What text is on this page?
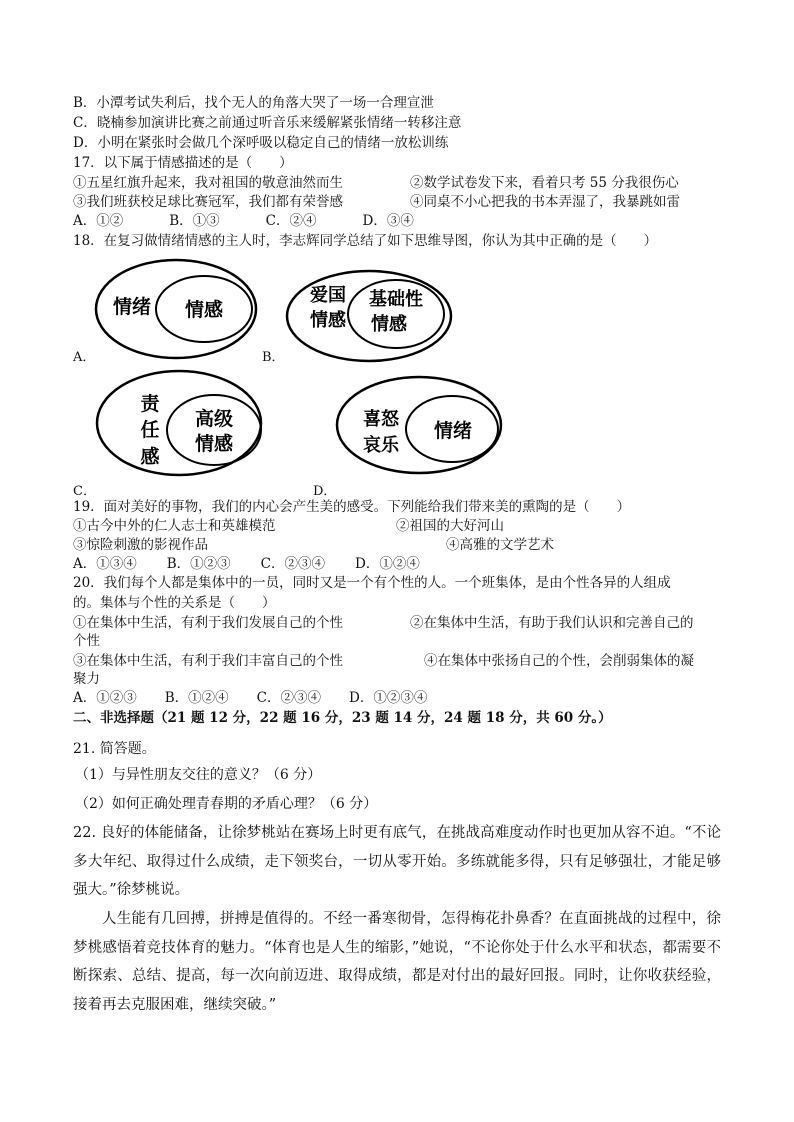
B．小潭考试失利后，找个无人的角落大哭了一场一合理宣泄
C．晓楠参加演讲比赛之前通过听音乐来缓解紧张情绪一转移注意
D．小明在紧张时会做几个深呼吸以稳定自己的情绪一放松训练
17．以下属于情感描述的是（　　）
①五星红旗升起来，我对祖国的敬意油然而生	②数学试卷发下来，看着只考 55 分我很伤心
③我们班获校足球比赛冠军，我们都有荣誉感	④同桌不小心把我的书本弄湿了，我暴跳如雷
A．①②	B．①③	C．②④	D．③④
18．在复习做情绪情感的主人时，李志辉同学总结了如下思维导图，你认为其中正确的是（　　）
情绪 情感
A．
爱国
情感
基础性
情感
B．
责
任
感
高级
情感
C．
喜怒
哀乐
情绪
D．
19．面对美好的事物，我们的内心会产生美的感受。下列能给我们带来美的熏陶的是（　　）
①古今中外的仁人志士和英雄模范	②祖国的大好河山
③惊险刺激的影视作品	④高雅的文学艺术
A．①③④ B．①②③ C．②③④ D．①②④
20．我们每个人都是集体中的一员，同时又是一个有个性的人。一个班集体，是由个性各异的人组成
的。集体与个性的关系是（　　）
①在集体中生活，有利于我们发展自己的个性	②在集体中生活，有助于我们认识和完善自己的
个性
③在集体中生活，有利于我们丰富自己的个性	④在集体中张扬自己的个性，会削弱集体的凝
聚力
A．①②③ B．①②④ C．②③④ D．①②③④
二、非选择题（21 题 12 分，22 题 16 分，23 题 14 分，24 题 18 分，共 60 分。）
21. 简答题。
（1）与异性朋友交往的意义？（6 分）
（2）如何正确处理青春期的矛盾心理？（6 分）
22. 良好的体能储备，让徐梦桃站在赛场上时更有底气，在挑战高难度动作时也更加从容不迫。“不论多大年纪、取得过什么成绩，走下领奖台，一切从零开始。多练就能多得，只有足够强壮，才能足够强大。”徐梦桃说。
人生能有几回搏，拼搏是值得的。不经一番寒彻骨，怎得梅花扑鼻香？在直面挑战的过程中，徐梦桃感悟着竞技体育的魅力。“体育也是人生的缩影，”她说，“不论你处于什么水平和状态，都需要不断探索、总结、提高，每一次向前迈进、取得成绩，都是对付出的最好回报。同时，让你收获经验，接着再去克服困难，继续突破。”
